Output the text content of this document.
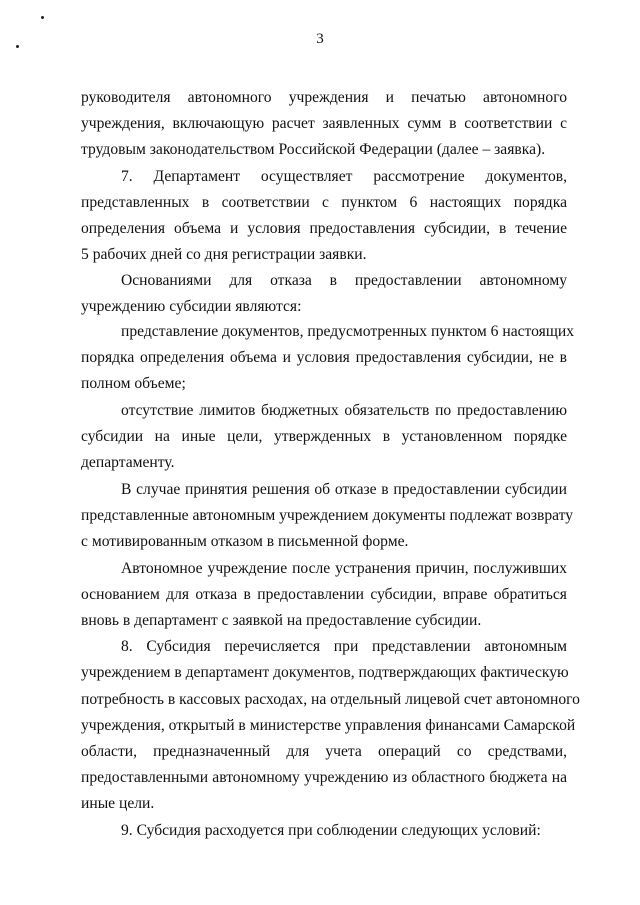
3
руководителя автономного учреждения и печатью автономного
учреждения, включающую расчет заявленных сумм в соответствии с
трудовым законодательством Российской Федерации (далее – заявка).
7. Департамент осуществляет рассмотрение документов,
представленных в соответствии с пунктом 6 настоящих порядка
определения объема и условия предоставления субсидии, в течение
5 рабочих дней со дня регистрации заявки.
Основаниями для отказа в предоставлении автономному
учреждению субсидии являются:
представление документов, предусмотренных пунктом 6 настоящих
порядка определения объема и условия предоставления субсидии, не в
полном объеме;
отсутствие лимитов бюджетных обязательств по предоставлению
субсидии на иные цели, утвержденных в установленном порядке
департаменту.
В случае принятия решения об отказе в предоставлении субсидии
представленные автономным учреждением документы подлежат возврату
с мотивированным отказом в письменной форме.
Автономное учреждение после устранения причин, послуживших
основанием для отказа в предоставлении субсидии, вправе обратиться
вновь в департамент с заявкой на предоставление субсидии.
8. Субсидия перечисляется при представлении автономным
учреждением в департамент документов, подтверждающих фактическую
потребность в кассовых расходах, на отдельный лицевой счет автономного
учреждения, открытый в министерстве управления финансами Самарской
области, предназначенный для учета операций со средствами,
предоставленными автономному учреждению из областного бюджета на
иные цели.
9. Субсидия расходуется при соблюдении следующих условий:
